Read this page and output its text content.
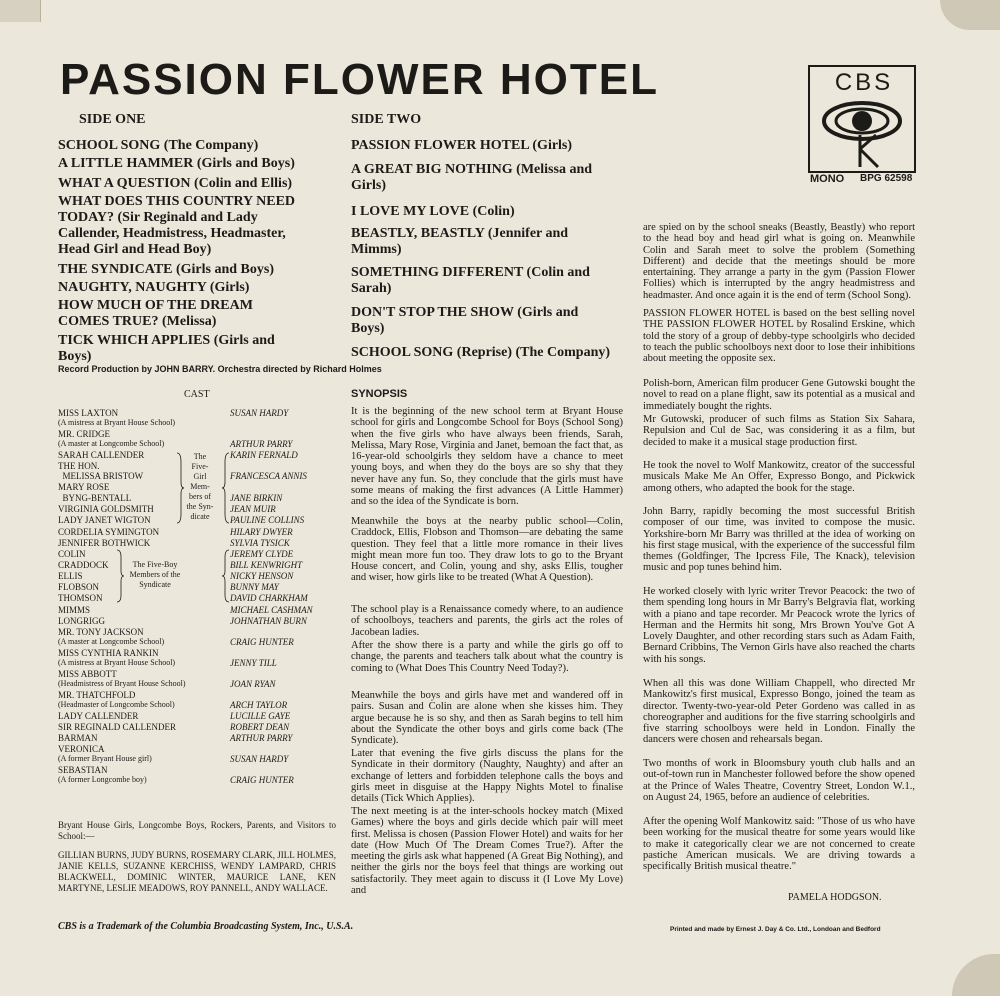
PASSION FLOWER HOTEL	CBS
MONO BPG 62598
SIDE ONE
SCHOOL SONG (The Company)
A LITTLE HAMMER (Girls and Boys)
WHAT A QUESTION (Colin and Ellis)
WHAT DOES THIS COUNTRY NEED
TODAY? (Sir Reginald and Lady
Callender, Headmistress, Headmaster,
Head Girl and Head Boy)
THE SYNDICATE (Girls and Boys)
NAUGHTY, NAUGHTY (Girls)
HOW MUCH OF THE DREAM
COMES TRUE? (Melissa)
TICK WHICH APPLIES (Girls and
Boys)
SIDE TWO
PASSION FLOWER HOTEL (Girls)
A GREAT BIG NOTHING (Melissa and
Girls)
I LOVE MY LOVE (Colin)
BEASTLY, BEASTLY (Jennifer and
Mimms)
SOMETHING DIFFERENT (Colin and
Sarah)
DON'T STOP THE SHOW (Girls and
Boys)
SCHOOL SONG (Reprise) (The Company)
Record Production by JOHN BARRY. Orchestra directed by Richard Holmes
CAST
MISS LAXTON	SUSAN HARDY
(A mistress at Bryant House School)
MR. CRIDGE
(A master at Longcombe School)	ARTHUR PARRY
SARAH CALLENDER	KARIN FERNALD
THE HON.
MELISSA BRISTOW	FRANCESCA ANNIS
MARY ROSE
BYNG-BENTALL	JANE BIRKIN
VIRGINIA GOLDSMITH	JEAN MUIR
LADY JANET WIGTON	PAULINE COLLINS
The
Five-
Girl
Mem-
bers of
the Syn-
dicate
CORDELIA SYMINGTON	HILARY DWYER
JENNIFER BOTHWICK	SYLVIA TYSICK
COLIN	JEREMY CLYDE
CRADDOCK	BILL KENWRIGHT
ELLIS	NICKY HENSON
FLOBSON	BUNNY MAY
THOMSON	DAVID CHARKHAM
The Five-Boy
Members of the
Syndicate
MIMMS	MICHAEL CASHMAN
LONGRIGG	JOHNATHAN BURN
MR. TONY JACKSON
(A master at Longcombe School)	CRAIG HUNTER
MISS CYNTHIA RANKIN
(A mistress at Bryant House School)	JENNY TILL
MISS ABBOTT
(Headmistress of Bryant House School)	JOAN RYAN
MR. THATCHFOLD
(Headmaster of Longcombe School)	ARCH TAYLOR
LADY CALLENDER	LUCILLE GAYE
SIR REGINALD CALLENDER	ROBERT DEAN
BARMAN	ARTHUR PARRY
VERONICA
(A former Bryant House girl)	SUSAN HARDY
SEBASTIAN
(A former Longcombe boy)	CRAIG HUNTER

Bryant House Girls, Longcombe Boys, Rockers, Parents, and Visitors to School:—

GILLIAN BURNS, JUDY BURNS, ROSEMARY CLARK, JILL HOLMES, JANIE KELLS, SUZANNE KERCHISS, WENDY LAMPARD, CHRIS BLACKWELL, DOMINIC WINTER, MAURICE LANE, KEN MARTYNE, LESLIE MEADOWS, ROY PANNELL, ANDY WALLACE.

SYNOPSIS

It is the beginning of the new school term at Bryant House school for girls and Longcombe School for Boys (School Song) when the five girls who have always been friends, Sarah, Melissa, Mary Rose, Virginia and Janet, bemoan the fact that, as 16-year-old schoolgirls they seldom have a chance to meet young boys, and when they do the boys are so shy that they never have any fun. So, they conclude that the girls must have some means of making the first advances (A Little Hammer) and so the idea of the Syndicate is born.

Meanwhile the boys at the nearby public school—Colin, Craddock, Ellis, Flobson and Thomson—are debating the same question. They feel that a little more romance in their lives might mean more fun too. They draw lots to go to the Bryant House concert, and Colin, young and shy, asks Ellis, tougher and wiser, how girls like to be treated (What A Question).

The school play is a Renaissance comedy where, to an audience of schoolboys, teachers and parents, the girls act the roles of Jacobean ladies.

After the show there is a party and while the girls go off to change, the parents and teachers talk about what the country is coming to (What Does This Country Need Today?).

Meanwhile the boys and girls have met and wandered off in pairs. Susan and Colin are alone when she kisses him. They argue because he is so shy, and then as Sarah begins to tell him about the Syndicate the other boys and girls come back (The Syndicate).

Later that evening the five girls discuss the plans for the Syndicate in their dormitory (Naughty, Naughty) and after an exchange of letters and forbidden telephone calls the boys and girls meet in disguise at the Happy Nights Motel to finalise details (Tick Which Applies).

The next meeting is at the inter-schools hockey match (Mixed Games) where the boys and girls decide which pair will meet first. Melissa is chosen (Passion Flower Hotel) and waits for her date (How Much Of The Dream Comes True?). After the meeting the girls ask what happened (A Great Big Nothing), and neither the girls nor the boys feel that things are working out satisfactorily. They meet again to discuss it (I Love My Love) and

are spied on by the school sneaks (Beastly, Beastly) who report to the head boy and head girl what is going on. Meanwhile Colin and Sarah meet to solve the problem (Something Different) and decide that the meetings should be more entertaining. They arrange a party in the gym (Passion Flower Follies) which is interrupted by the angry headmistress and headmaster. And once again it is the end of term (School Song).

PASSION FLOWER HOTEL is based on the best selling novel THE PASSION FLOWER HOTEL by Rosalind Erskine, which told the story of a group of debby-type schoolgirls who decided to teach the public schoolboys next door to lose their inhibitions about meeting the opposite sex.

Polish-born, American film producer Gene Gutowski bought the novel to read on a plane flight, saw its potential as a musical and immediately bought the rights.

Mr Gutowski, producer of such films as Station Six Sahara, Repulsion and Cul de Sac, was considering it as a film, but decided to make it a musical stage production first.

He took the novel to Wolf Mankowitz, creator of the successful musicals Make Me An Offer, Expresso Bongo, and Pickwick among others, who adapted the book for the stage.

John Barry, rapidly becoming the most successful British composer of our time, was invited to compose the music. Yorkshire-born Mr Barry was thrilled at the idea of working on his first stage musical, with the experience of the successful film themes (Goldfinger, The Ipcress File, The Knack), television music and pop tunes behind him.

He worked closely with lyric writer Trevor Peacock: the two of them spending long hours in Mr Barry's Belgravia flat, working with a piano and tape recorder. Mr Peacock wrote the lyrics of Herman and the Hermits hit song, Mrs Brown You've Got A Lovely Daughter, and other recording stars such as Adam Faith, Bernard Cribbins, The Vernon Girls have also reached the charts with his songs.

When all this was done William Chappell, who directed Mr Mankowitz's first musical, Expresso Bongo, joined the team as director. Twenty-two-year-old Peter Gordeno was called in as choreographer and auditions for the five starring schoolgirls and five starring schoolboys were held in London. Finally the dancers were chosen and rehearsals began.

Two months of work in Bloomsbury youth club halls and an out-of-town run in Manchester followed before the show opened at the Prince of Wales Theatre, Coventry Street, London W.1., on August 24, 1965, before an audience of celebrities.

After the opening Wolf Mankowitz said: "Those of us who have been working for the musical theatre for some years would like to make it categorically clear we are not concerned to create pastiche American musicals. We are driving towards a specifically British musical theatre."

PAMELA HODGSON.
CBS is a Trademark of the Columbia Broadcasting System, Inc., U.S.A.	Printed and made by Ernest J. Day & Co. Ltd., Londoan and Bedford
